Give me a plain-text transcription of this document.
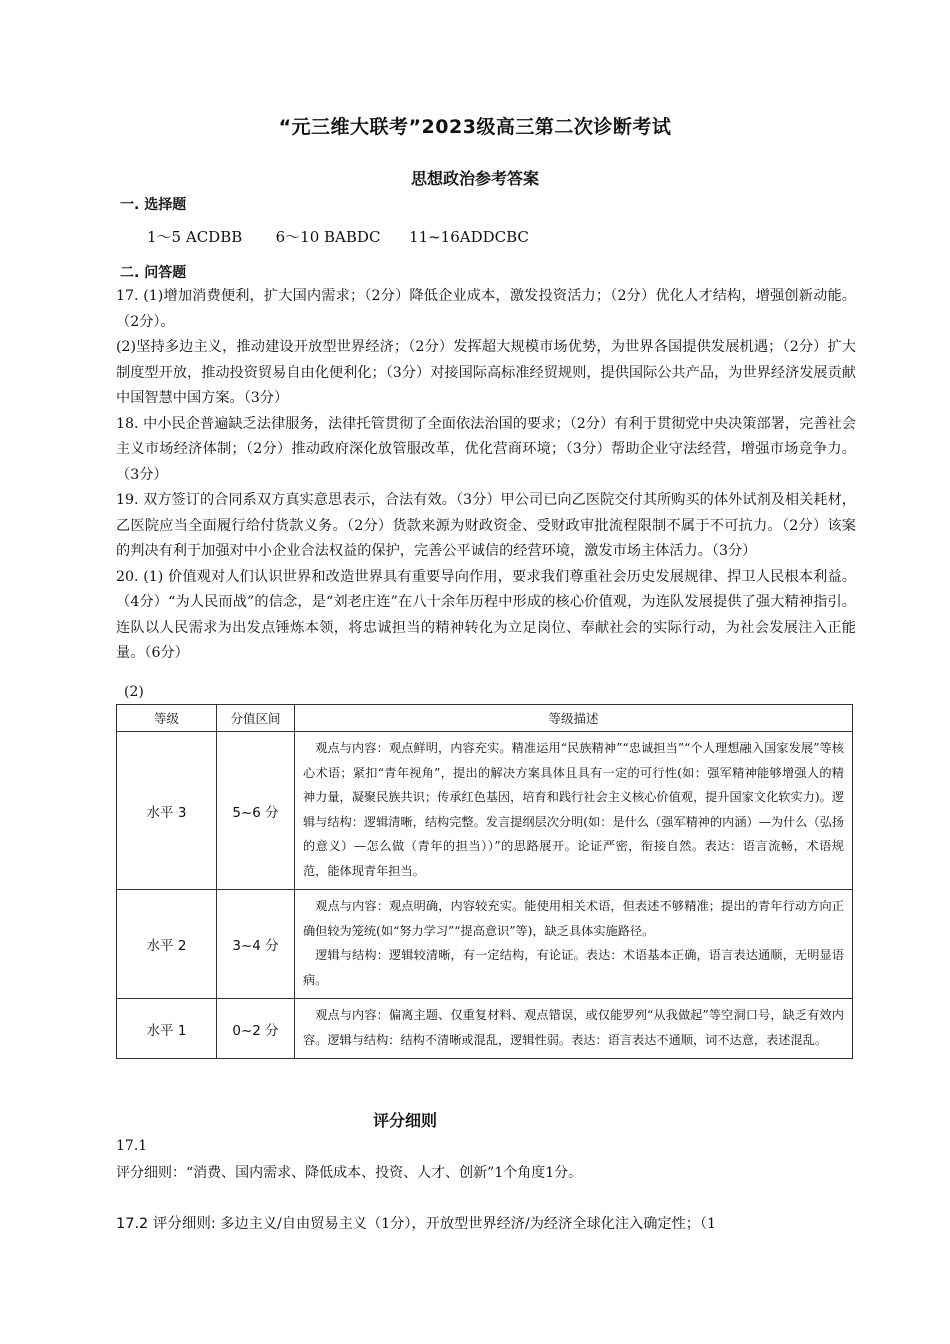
“元三维大联考”2023级高三第二次诊断考试
思想政治参考答案
一. 选择题
1～5 ACDBB 6～10 BABDC 11~16ADDCBC
二. 问答题

17. (1)增加消费便利，扩大国内需求；（2分）降低企业成本，激发投资活力；（2分）优化人才结构，增强创新动能。（2分）。

(2)坚持多边主义，推动建设开放型世界经济；（2分）发挥超大规模市场优势，为世界各国提供发展机遇；（2分）扩大制度型开放，推动投资贸易自由化便利化；（3分）对接国际高标准经贸规则，提供国际公共产品，为世界经济发展贡献中国智慧中国方案。（3分）

18. 中小民企普遍缺乏法律服务，法律托管贯彻了全面依法治国的要求；（2分）有利于贯彻党中央决策部署，完善社会主义市场经济体制；（2分）推动政府深化放管服改革，优化营商环境；（3分）帮助企业守法经营，增强市场竞争力。（3分）

19. 双方签订的合同系双方真实意思表示，合法有效。（3分）甲公司已向乙医院交付其所购买的体外试剂及相关耗材，乙医院应当全面履行给付货款义务。（2分）货款来源为财政资金、受财政审批流程限制不属于不可抗力。（2分）该案的判决有利于加强对中小企业合法权益的保护，完善公平诚信的经营环境，激发市场主体活力。（3分）

20. (1) 价值观对人们认识世界和改造世界具有重要导向作用，要求我们尊重社会历史发展规律、捍卫人民根本利益。（4分）“为人民而战”的信念，是“刘老庄连”在八十余年历程中形成的核心价值观，为连队发展提供了强大精神指引。连队以人民需求为出发点锤炼本领，将忠诚担当的精神转化为立足岗位、奉献社会的实际行动，为社会发展注入正能量。（6分）

(2)
等级	分值区间	等级描述
水平 3	5~6 分	观点与内容：观点鲜明，内容充实。精准运用“民族精神”“忠诚担当”“个人理想融入国家发展”等核心术语；紧扣“青年视角”，提出的解决方案具体且具有一定的可行性(如：强军精神能够增强人的精神力量，凝聚民族共识；传承红色基因，培育和践行社会主义核心价值观，提升国家文化软实力)。逻辑与结构：逻辑清晰，结构完整。发言提纲层次分明(如：是什么（强军精神的内涵）—为什么（弘扬的意义）—怎么做（青年的担当））”的思路展开。论证严密，衔接自然。表达：语言流畅，术语规范，能体现青年担当。
水平 2	3~4 分	观点与内容：观点明确，内容较充实。能使用相关术语，但表述不够精准；提出的青年行动方向正确但较为笼统(如“努力学习”“提高意识”等)，缺乏具体实施路径。
逻辑与结构：逻辑较清晰，有一定结构，有论证。表达：术语基本正确，语言表达通顺，无明显语病。

水平 1	0~2 分	观点与内容：偏离主题、仅重复材料、观点错误，或仅能罗列“从我做起”等空洞口号，缺乏有效内容。逻辑与结构：结构不清晰或混乱，逻辑性弱。表达：语言表达不通顺，词不达意，表述混乱。
评分细则
17.1
评分细则：“消费、国内需求、降低成本、投资、人才、创新”1个角度1分。
17.2 评分细则: 多边主义/自由贸易主义（1分），开放型世界经济/为经济全球化注入确定性；（1
